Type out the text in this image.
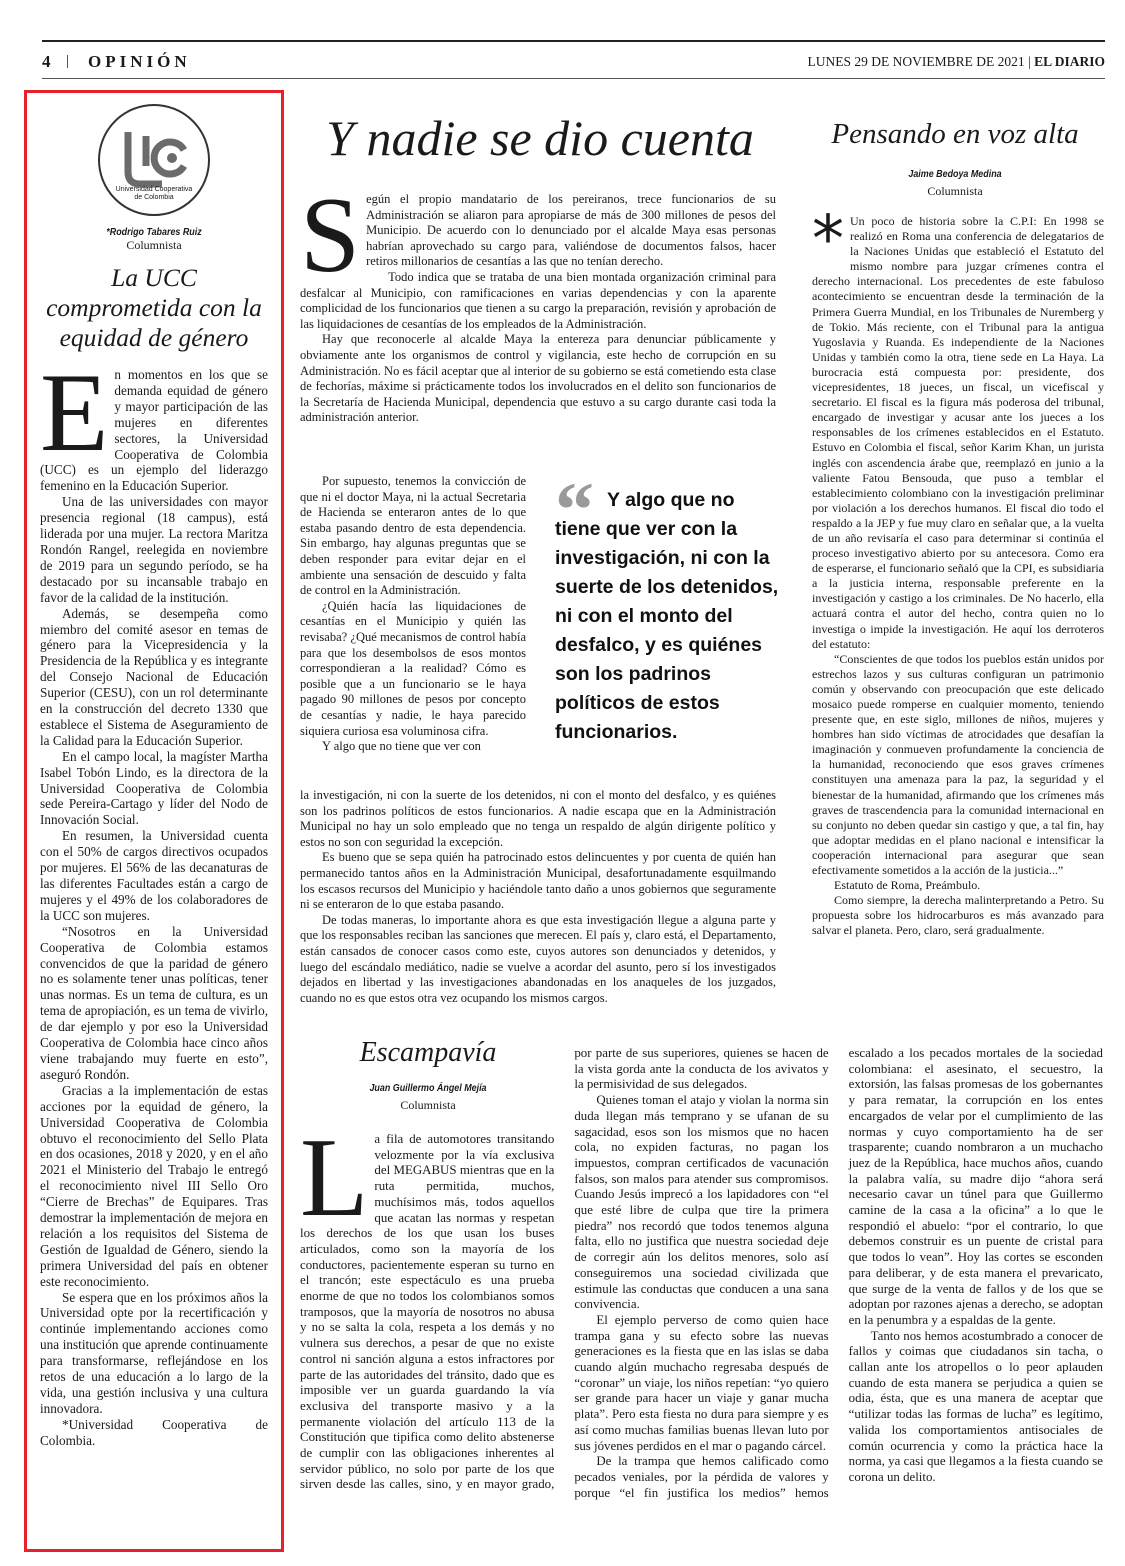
4 | OPINIÓN	LUNES 29 DE NOVIEMBRE DE 2021 | EL DIARIO
Universidad Cooperativa de Colombia
*Rodrigo Tabares Ruiz
Columnista
La UCC comprometida con la equidad de género
E n momentos en los que se demanda equidad de género y mayor participación de las mujeres en diferentes sectores, la Universidad Cooperativa de Colombia (UCC) es un ejemplo del liderazgo femenino en la Educación Superior.

Una de las universidades con mayor presencia regional (18 campus), está liderada por una mujer. La rectora Maritza Rondón Rangel, reelegida en noviembre de 2019 para un segundo período, se ha destacado por su incansable trabajo en favor de la calidad de la institución.

Además, se desempeña como miembro del comité asesor en temas de género para la Vicepresidencia y la Presidencia de la República y es integrante del Consejo Nacional de Educación Superior (CESU), con un rol determinante en la construcción del decreto 1330 que establece el Sistema de Aseguramiento de la Calidad para la Educación Superior.

En el campo local, la magíster Martha Isabel Tobón Lindo, es la directora de la Universidad Cooperativa de Colombia sede Pereira-Cartago y líder del Nodo de Innovación Social.

En resumen, la Universidad cuenta con el 50% de cargos directivos ocupados por mujeres. El 56% de las decanaturas de las diferentes Facultades están a cargo de mujeres y el 49% de los colaboradores de la UCC son mujeres.

“Nosotros en la Universidad Cooperativa de Colombia estamos convencidos de que la paridad de género no es solamente tener unas políticas, tener unas normas. Es un tema de cultura, es un tema de apropiación, es un tema de vivirlo, de dar ejemplo y por eso la Universidad Cooperativa de Colombia hace cinco años viene trabajando muy fuerte en esto”, aseguró Rondón.

Gracias a la implementación de estas acciones por la equidad de género, la Universidad Cooperativa de Colombia obtuvo el reconocimiento del Sello Plata en dos ocasiones, 2018 y 2020, y en el año 2021 el Ministerio del Trabajo le entregó el reconocimiento nivel III Sello Oro “Cierre de Brechas” de Equipares. Tras demostrar la implementación de mejora en relación a los requisitos del Sistema de Gestión de Igualdad de Género, siendo la primera Universidad del país en obtener este reconocimiento.

Se espera que en los próximos años la Universidad opte por la recertificación y continúe implementando acciones como una institución que aprende continuamente para transformarse, reflejándose en los retos de una educación a lo largo de la vida, una gestión inclusiva y una cultura innovadora.

*Universidad Cooperativa de Colombia.

Y nadie se dio cuenta
S egún el propio mandatario de los pereiranos, trece funcionarios de su Administración se aliaron para apropiarse de más de 300 millones de pesos del Municipio. De acuerdo con lo denunciado por el alcalde Maya esas personas habrían aprovechado su cargo para, valiéndose de documentos falsos, hacer retiros millonarios de cesantías a las que no tenían derecho.

Todo indica que se trataba de una bien montada organización criminal para desfalcar al Municipio, con ramificaciones en varias dependencias y con la aparente complicidad de los funcionarios que tienen a su cargo la preparación, revisión y aprobación de las liquidaciones de cesantías de los empleados de la Administración.

Hay que reconocerle al alcalde Maya la entereza para denunciar públicamente y obviamente ante los organismos de control y vigilancia, este hecho de corrupción en su Administración. No es fácil aceptar que al interior de su gobierno se está cometiendo esta clase de fechorías, máxime si prácticamente todos los involucrados en el delito son funcionarios de la Secretaría de Hacienda Municipal, dependencia que estuvo a su cargo durante casi toda la administración anterior.

Por supuesto, tenemos la convicción de que ni el doctor Maya, ni la actual Secretaria de Hacienda se enteraron antes de lo que estaba pasando dentro de esta dependencia. Sin embargo, hay algunas preguntas que se deben responder para evitar dejar en el ambiente una sensación de descuido y falta de control en la Administración.

¿Quién hacía las liquidaciones de cesantías en el Municipio y quién las revisaba? ¿Qué mecanismos de control había para que los desembolsos de esos montos correspondieran a la realidad? Cómo es posible que a un funcionario se le haya pagado 90 millones de pesos por concepto de cesantías y nadie, le haya parecido siquiera curiosa esa voluminosa cifra.

Y algo que no tiene que ver con

“ Y algo que no tiene que ver con la investigación, ni con la suerte de los detenidos, ni con el monto del desfalco, y es quiénes son los padrinos políticos de estos funcionarios.

la investigación, ni con la suerte de los detenidos, ni con el monto del desfalco, y es quiénes son los padrinos políticos de estos funcionarios. A nadie escapa que en la Administración Municipal no hay un solo empleado que no tenga un respaldo de algún dirigente político y estos no son con seguridad la excepción.

Es bueno que se sepa quién ha patrocinado estos delincuentes y por cuenta de quién han permanecido tantos años en la Administración Municipal, desafortunadamente esquilmando los escasos recursos del Municipio y haciéndole tanto daño a unos gobiernos que seguramente ni se enteraron de lo que estaba pasando.

De todas maneras, lo importante ahora es que esta investigación llegue a alguna parte y que los responsables reciban las sanciones que merecen. El país y, claro está, el Departamento, están cansados de conocer casos como este, cuyos autores son denunciados y detenidos, y luego del escándalo mediático, nadie se vuelve a acordar del asunto, pero sí los investigados dejados en libertad y las investigaciones abandonadas en los anaqueles de los juzgados, cuando no es que estos otra vez ocupando los mismos cargos.

Pensando en voz alta
Jaime Bedoya Medina
Columnista
* Un poco de historia sobre la C.P.I: En 1998 se realizó en Roma una conferencia de delegatarios de la Naciones Unidas que estableció el Estatuto del mismo nombre para juzgar crímenes contra el derecho internacional. Los precedentes de este fabuloso acontecimiento se encuentran desde la terminación de la Primera Guerra Mundial, en los Tribunales de Nuremberg y de Tokio. Más reciente, con el Tribunal para la antigua Yugoslavia y Ruanda. Es independiente de la Naciones Unidas y también como la otra, tiene sede en La Haya. La burocracia está compuesta por: presidente, dos vicepresidentes, 18 jueces, un fiscal, un vicefiscal y secretario. El fiscal es la figura más poderosa del tribunal, encargado de investigar y acusar ante los jueces a los responsables de los crímenes establecidos en el Estatuto. Estuvo en Colombia el fiscal, señor Karim Khan, un jurista inglés con ascendencia árabe que, reemplazó en junio a la valiente Fatou Bensouda, que puso a temblar el establecimiento colombiano con la investigación preliminar por violación a los derechos humanos. El fiscal dio todo el respaldo a la JEP y fue muy claro en señalar que, a la vuelta de un año revisaría el caso para determinar si continúa el proceso investigativo abierto por su antecesora. Como era de esperarse, el funcionario señaló que la CPI, es subsidiaria a la justicia interna, responsable preferente en la investigación y castigo a los criminales. De No hacerlo, ella actuará contra el autor del hecho, contra quien no lo investiga o impide la investigación. He aquí los derroteros del estatuto:

“Conscientes de que todos los pueblos están unidos por estrechos lazos y sus culturas configuran un patrimonio común y observando con preocupación que este delicado mosaico puede romperse en cualquier momento, teniendo presente que, en este siglo, millones de niños, mujeres y hombres han sido víctimas de atrocidades que desafían la imaginación y conmueven profundamente la conciencia de la humanidad, reconociendo que esos graves crímenes constituyen una amenaza para la paz, la seguridad y el bienestar de la humanidad, afirmando que los crímenes más graves de trascendencia para la comunidad internacional en su conjunto no deben quedar sin castigo y que, a tal fin, hay que adoptar medidas en el plano nacional e intensificar la cooperación internacional para asegurar que sean efectivamente sometidos a la acción de la justicia...”

Estatuto de Roma, Preámbulo.

Como siempre, la derecha malinterpretando a Petro. Su propuesta sobre los hidrocarburos es más avanzado para salvar el planeta. Pero, claro, será gradualmente.

Escampavía
Juan Guillermo Ángel Mejía
Columnista
L a fila de automotores transitando velozmente por la vía exclusiva del MEGABUS mientras que en la ruta permitida, muchos, muchísimos más, todos aquellos que acatan las normas y respetan los derechos de los que usan los buses articulados, como son la mayoría de los conductores, pacientemente esperan su turno en el trancón; este espectáculo es una prueba enorme de que no todos los colombianos somos tramposos, que la mayoría de nosotros no abusa y no se salta la cola, respeta a los demás y no vulnera sus derechos, a pesar de que no existe control ni sanción alguna a estos infractores por parte de las autoridades del tránsito, dado que es imposible ver un guarda guardando la vía exclusiva del transporte masivo y a la permanente violación del artículo 113 de la Constitución que tipifica como delito abstenerse de cumplir con las obligaciones inherentes al servidor público, no solo por parte de los que sirven desde las calles, sino, y en mayor grado, por parte de sus superiores, quienes se hacen de la vista gorda ante la conducta de los avivatos y la permisividad de sus delegados.

Quienes toman el atajo y violan la norma sin duda llegan más temprano y se ufanan de su sagacidad, esos son los mismos que no hacen cola, no expiden facturas, no pagan los impuestos, compran certificados de vacunación falsos, son malos para atender sus compromisos. Cuando Jesús imprecó a los lapidadores con “el que esté libre de culpa que tire la primera piedra” nos recordó que todos tenemos alguna falta, ello no justifica que nuestra sociedad deje de corregir aún los delitos menores, solo así conseguiremos una sociedad civilizada que estimule las conductas que conducen a una sana convivencia.

El ejemplo perverso de como quien hace trampa gana y su efecto sobre las nuevas generaciones es la fiesta que en las islas se daba cuando algún muchacho regresaba después de “coronar” un viaje, los niños repetían: “yo quiero ser grande para hacer un viaje y ganar mucha plata”. Pero esta fiesta no dura para siempre y es así como muchas familias buenas llevan luto por sus jóvenes perdidos en el mar o pagando cárcel.

De la trampa que hemos calificado como pecados veniales, por la pérdida de valores y porque “el fin justifica los medios” hemos escalado a los pecados mortales de la sociedad colombiana: el asesinato, el secuestro, la extorsión, las falsas promesas de los gobernantes y para rematar, la corrupción en los entes encargados de velar por el cumplimiento de las normas y cuyo comportamiento ha de ser trasparente; cuando nombraron a un muchacho juez de la República, hace muchos años, cuando la palabra valía, su madre dijo “ahora será necesario cavar un túnel para que Guillermo camine de la casa a la oficina” a lo que le respondió el abuelo: “por el contrario, lo que debemos construir es un puente de cristal para que todos lo vean”. Hoy las cortes se esconden para deliberar, y de esta manera el prevaricato, que surge de la venta de fallos y de los que se adoptan por razones ajenas a derecho, se adoptan en la penumbra y a espaldas de la gente.

Tanto nos hemos acostumbrado a conocer de fallos y coimas que ciudadanos sin tacha, o callan ante los atropellos o lo peor aplauden cuando de esta manera se perjudica a quien se odia, ésta, que es una manera de aceptar que “utilizar todas las formas de lucha” es legítimo, valida los comportamientos antisociales de común ocurrencia y como la práctica hace la norma, ya casi que llegamos a la fiesta cuando se corona un delito.
